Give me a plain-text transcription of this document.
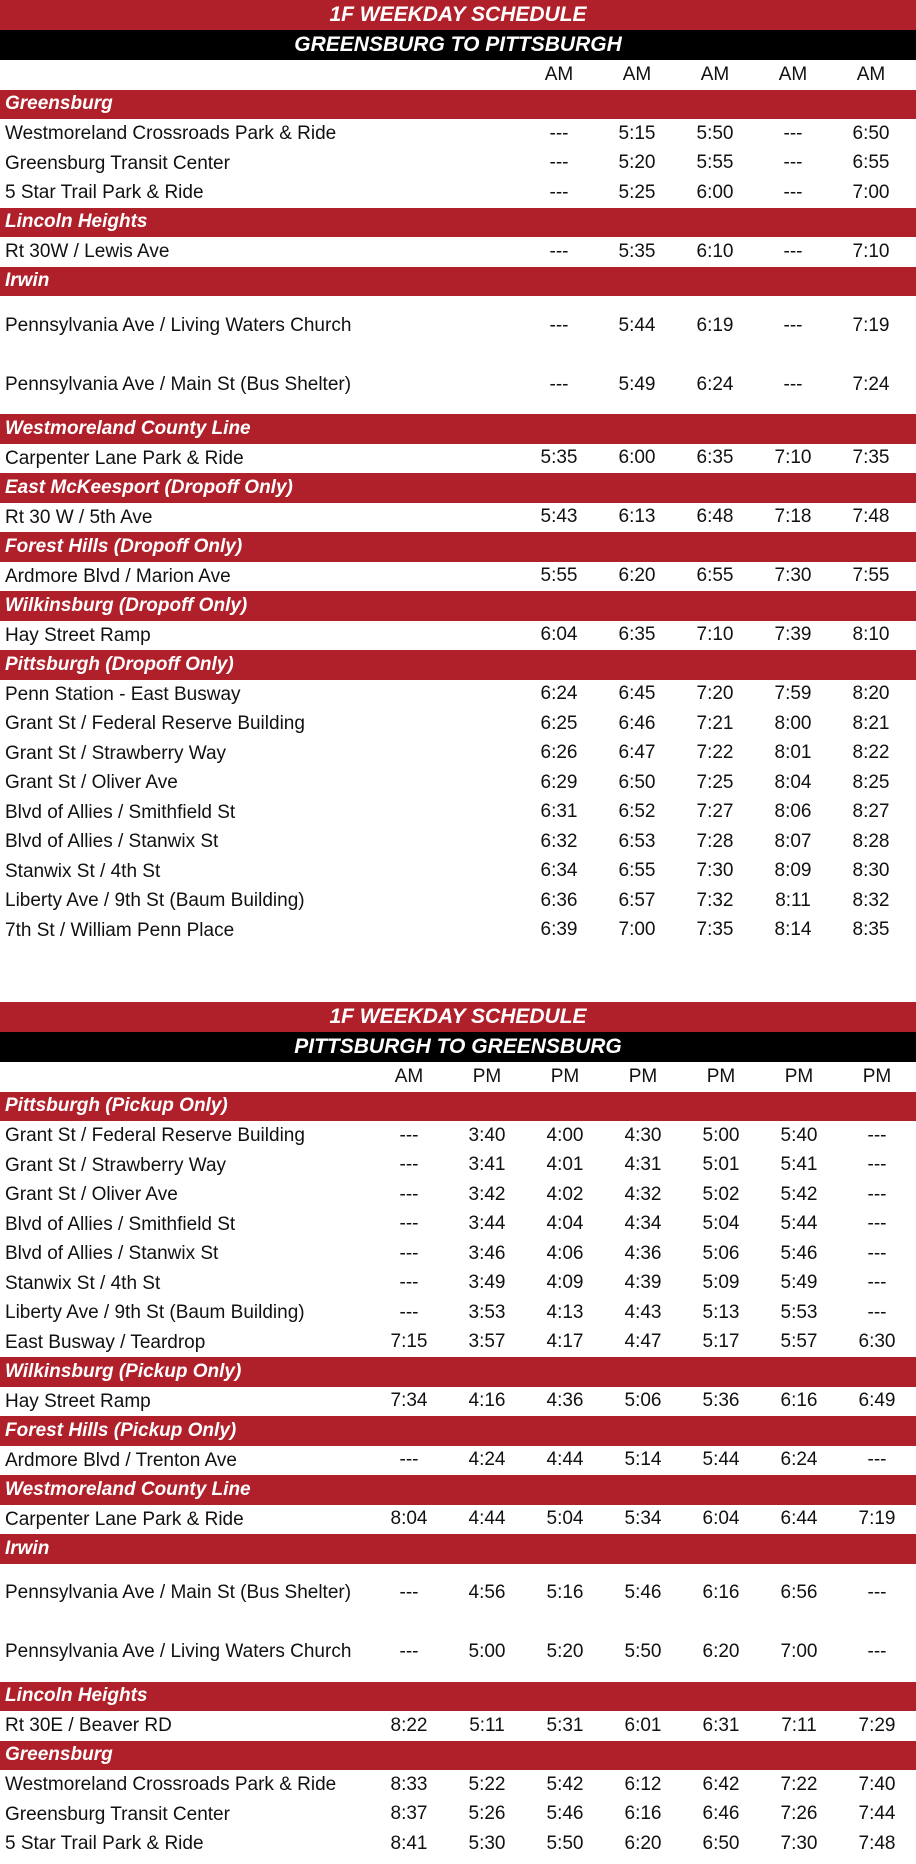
1F WEEKDAY SCHEDULE
GREENSBURG TO PITTSBURGH
AM	AM	AM	AM	AM
Greensburg
Westmoreland Crossroads Park & Ride	---	5:15	5:50	---	6:50
Greensburg Transit Center	---	5:20	5:55	---	6:55
5 Star Trail Park & Ride	---	5:25	6:00	---	7:00
Lincoln Heights
Rt 30W / Lewis Ave	---	5:35	6:10	---	7:10
Irwin
Pennsylvania Ave / Living Waters Church	---	5:44	6:19	---	7:19
Pennsylvania Ave / Main St (Bus Shelter)	---	5:49	6:24	---	7:24
Westmoreland County Line
Carpenter Lane Park & Ride	5:35	6:00	6:35	7:10	7:35
East McKeesport (Dropoff Only)
Rt 30 W / 5th Ave	5:43	6:13	6:48	7:18	7:48
Forest Hills (Dropoff Only)
Ardmore Blvd / Marion Ave	5:55	6:20	6:55	7:30	7:55
Wilkinsburg (Dropoff Only)
Hay Street Ramp	6:04	6:35	7:10	7:39	8:10
Pittsburgh (Dropoff Only)
Penn Station - East Busway	6:24	6:45	7:20	7:59	8:20
Grant St / Federal Reserve Building	6:25	6:46	7:21	8:00	8:21
Grant St / Strawberry Way	6:26	6:47	7:22	8:01	8:22
Grant St / Oliver Ave	6:29	6:50	7:25	8:04	8:25
Blvd of Allies / Smithfield St	6:31	6:52	7:27	8:06	8:27
Blvd of Allies / Stanwix St	6:32	6:53	7:28	8:07	8:28
Stanwix St / 4th St	6:34	6:55	7:30	8:09	8:30
Liberty Ave / 9th St (Baum Building)	6:36	6:57	7:32	8:11	8:32
7th St / William Penn Place	6:39	7:00	7:35	8:14	8:35
1F WEEKDAY SCHEDULE
PITTSBURGH TO GREENSBURG
AM	PM	PM	PM	PM	PM	PM
Pittsburgh (Pickup Only)
Grant St / Federal Reserve Building	---	3:40	4:00	4:30	5:00	5:40	---
Grant St / Strawberry Way	---	3:41	4:01	4:31	5:01	5:41	---
Grant St / Oliver Ave	---	3:42	4:02	4:32	5:02	5:42	---
Blvd of Allies / Smithfield St	---	3:44	4:04	4:34	5:04	5:44	---
Blvd of Allies / Stanwix St	---	3:46	4:06	4:36	5:06	5:46	---
Stanwix St / 4th St	---	3:49	4:09	4:39	5:09	5:49	---
Liberty Ave / 9th St (Baum Building)	---	3:53	4:13	4:43	5:13	5:53	---
East Busway / Teardrop	7:15	3:57	4:17	4:47	5:17	5:57	6:30
Wilkinsburg (Pickup Only)
Hay Street Ramp	7:34	4:16	4:36	5:06	5:36	6:16	6:49
Forest Hills (Pickup Only)
Ardmore Blvd / Trenton Ave	---	4:24	4:44	5:14	5:44	6:24	---
Westmoreland County Line
Carpenter Lane Park & Ride	8:04	4:44	5:04	5:34	6:04	6:44	7:19
Irwin
Pennsylvania Ave / Main St (Bus Shelter)	---	4:56	5:16	5:46	6:16	6:56	---
Pennsylvania Ave / Living Waters Church	---	5:00	5:20	5:50	6:20	7:00	---
Lincoln Heights
Rt 30E / Beaver RD	8:22	5:11	5:31	6:01	6:31	7:11	7:29
Greensburg
Westmoreland Crossroads Park & Ride	8:33	5:22	5:42	6:12	6:42	7:22	7:40
Greensburg Transit Center	8:37	5:26	5:46	6:16	6:46	7:26	7:44
5 Star Trail Park & Ride	8:41	5:30	5:50	6:20	6:50	7:30	7:48
